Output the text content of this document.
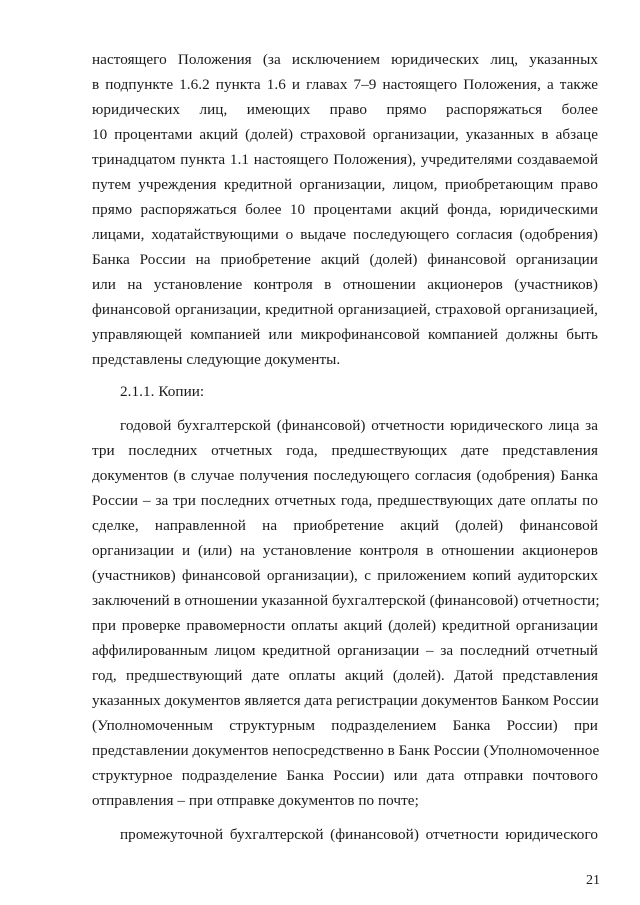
настоящего Положения (за исключением юридических лиц, указанных
в подпункте 1.6.2 пункта 1.6 и главах 7–9 настоящего Положения, а также
юридических лиц, имеющих право прямо распоряжаться более
10 процентами акций (долей) страховой организации, указанных в абзаце
тринадцатом пункта 1.1 настоящего Положения), учредителями создаваемой
путем учреждения кредитной организации, лицом, приобретающим право
прямо распоряжаться более 10 процентами акций фонда, юридическими
лицами, ходатайствующими о выдаче последующего согласия (одобрения)
Банка России на приобретение акций (долей) финансовой организации
или на установление контроля в отношении акционеров (участников)
финансовой организации, кредитной организацией, страховой организацией,
управляющей компанией или микрофинансовой компанией должны быть
представлены следующие документы.
2.1.1. Копии:
годовой бухгалтерской (финансовой) отчетности юридического лица за
три последних отчетных года, предшествующих дате представления
документов (в случае получения последующего согласия (одобрения) Банка
России – за три последних отчетных года, предшествующих дате оплаты по
сделке, направленной на приобретение акций (долей) финансовой
организации и (или) на установление контроля в отношении акционеров
(участников) финансовой организации), с приложением копий аудиторских
заключений в отношении указанной бухгалтерской (финансовой) отчетности;
при проверке правомерности оплаты акций (долей) кредитной организации
аффилированным лицом кредитной организации – за последний отчетный
год, предшествующий дате оплаты акций (долей). Датой представления
указанных документов является дата регистрации документов Банком России
(Уполномоченным структурным подразделением Банка России) при
представлении документов непосредственно в Банк России (Уполномоченное
структурное подразделение Банка России) или дата отправки почтового
отправления – при отправке документов по почте;
промежуточной бухгалтерской (финансовой) отчетности юридического
21
